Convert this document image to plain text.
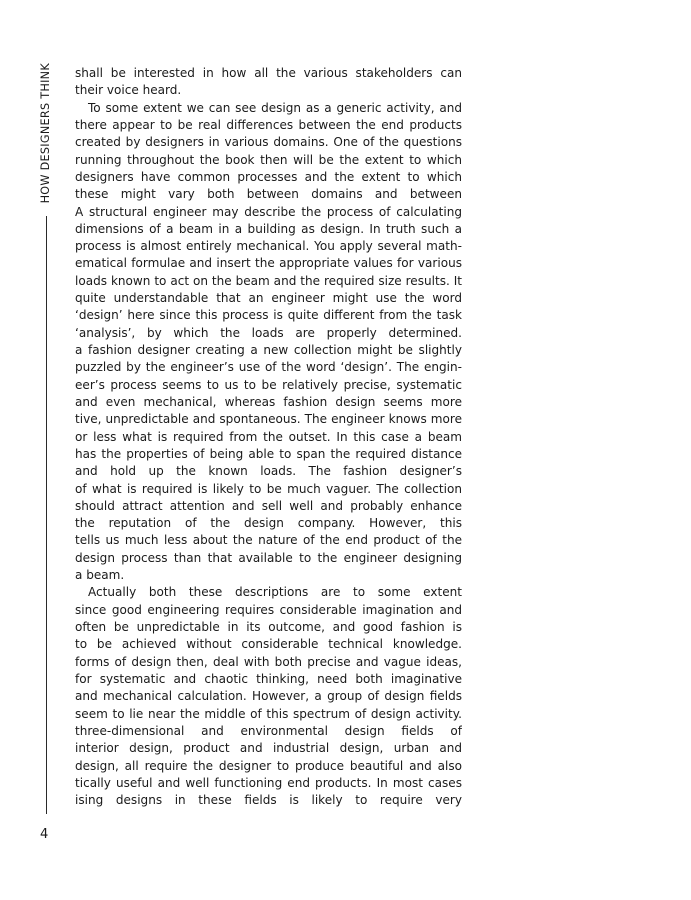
HOW DESIGNERS THINK
4
shall be interested in how all the various stakeholders can
their voice heard.
To some extent we can see design as a generic activity, and
there appear to be real differences between the end products
created by designers in various domains. One of the questions
running throughout the book then will be the extent to which
designers have common processes and the extent to which
these might vary both between domains and between
A structural engineer may describe the process of calculating
dimensions of a beam in a building as design. In truth such a
process is almost entirely mechanical. You apply several math-
ematical formulae and insert the appropriate values for various
loads known to act on the beam and the required size results. It
quite understandable that an engineer might use the word
‘design’ here since this process is quite different from the task
‘analysis’, by which the loads are properly determined.
a fashion designer creating a new collection might be slightly
puzzled by the engineer’s use of the word ‘design’. The engin-
eer’s process seems to us to be relatively precise, systematic
and even mechanical, whereas fashion design seems more
tive, unpredictable and spontaneous. The engineer knows more
or less what is required from the outset. In this case a beam
has the properties of being able to span the required distance
and hold up the known loads. The fashion designer’s
of what is required is likely to be much vaguer. The collection
should attract attention and sell well and probably enhance
the reputation of the design company. However, this
tells us much less about the nature of the end product of the
design process than that available to the engineer designing
a beam.
Actually both these descriptions are to some extent
since good engineering requires considerable imagination and
often be unpredictable in its outcome, and good fashion is
to be achieved without considerable technical knowledge.
forms of design then, deal with both precise and vague ideas,
for systematic and chaotic thinking, need both imaginative
and mechanical calculation. However, a group of design fields
seem to lie near the middle of this spectrum of design activity.
three-dimensional and environmental design fields of
interior design, product and industrial design, urban and
design, all require the designer to produce beautiful and also
tically useful and well functioning end products. In most cases
ising designs in these fields is likely to require very
